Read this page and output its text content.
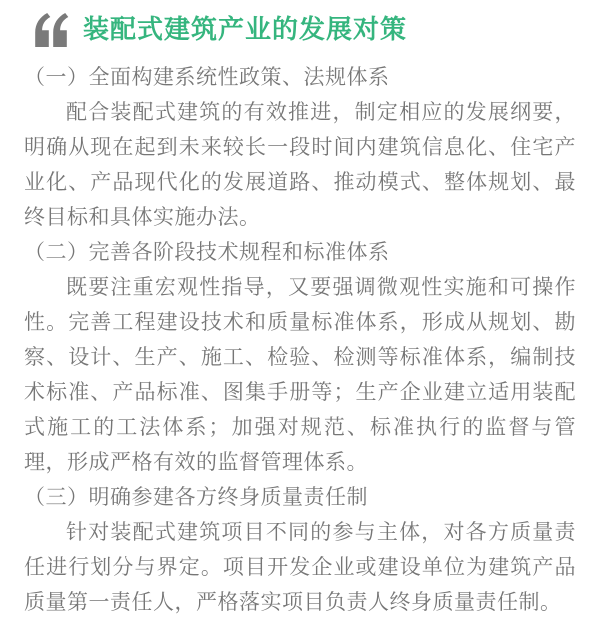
装配式建筑产业的发展对策
（一）全面构建系统性政策、法规体系

配合装配式建筑的有效推进，制定相应的发展纲要，明确从现在起到未来较长一段时间内建筑信息化、住宅产业化、产品现代化的发展道路、推动模式、整体规划、最终目标和具体实施办法。

（二）完善各阶段技术规程和标准体系

既要注重宏观性指导，又要强调微观性实施和可操作性。完善工程建设技术和质量标准体系，形成从规划、勘察、设计、生产、施工、检验、检测等标准体系，编制技术标准、产品标准、图集手册等；生产企业建立适用装配式施工的工法体系；加强对规范、标准执行的监督与管理，形成严格有效的监督管理体系。

（三）明确参建各方终身质量责任制

针对装配式建筑项目不同的参与主体，对各方质量责任进行划分与界定。项目开发企业或建设单位为建筑产品质量第一责任人，严格落实项目负责人终身质量责任制。
